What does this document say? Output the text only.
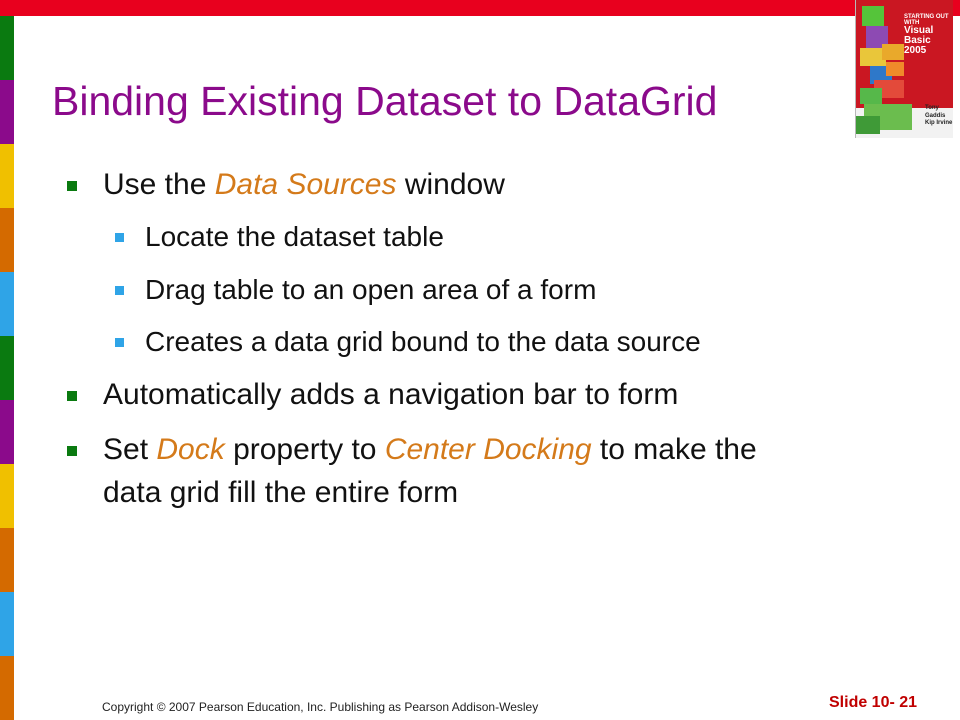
STARTING OUT WITH
Visual Basic
2005
Tony Gaddis
Kip Irvine
Binding Existing Dataset to DataGrid
Use the Data Sources window
Locate the dataset table
Drag table to an open area of a form
Creates a data grid bound to the data source
Automatically adds a navigation bar to form
Set Dock property to Center Docking to make the
data grid fill the entire form
Copyright © 2007 Pearson Education, Inc. Publishing as Pearson Addison-Wesley	Slide 10- 21
